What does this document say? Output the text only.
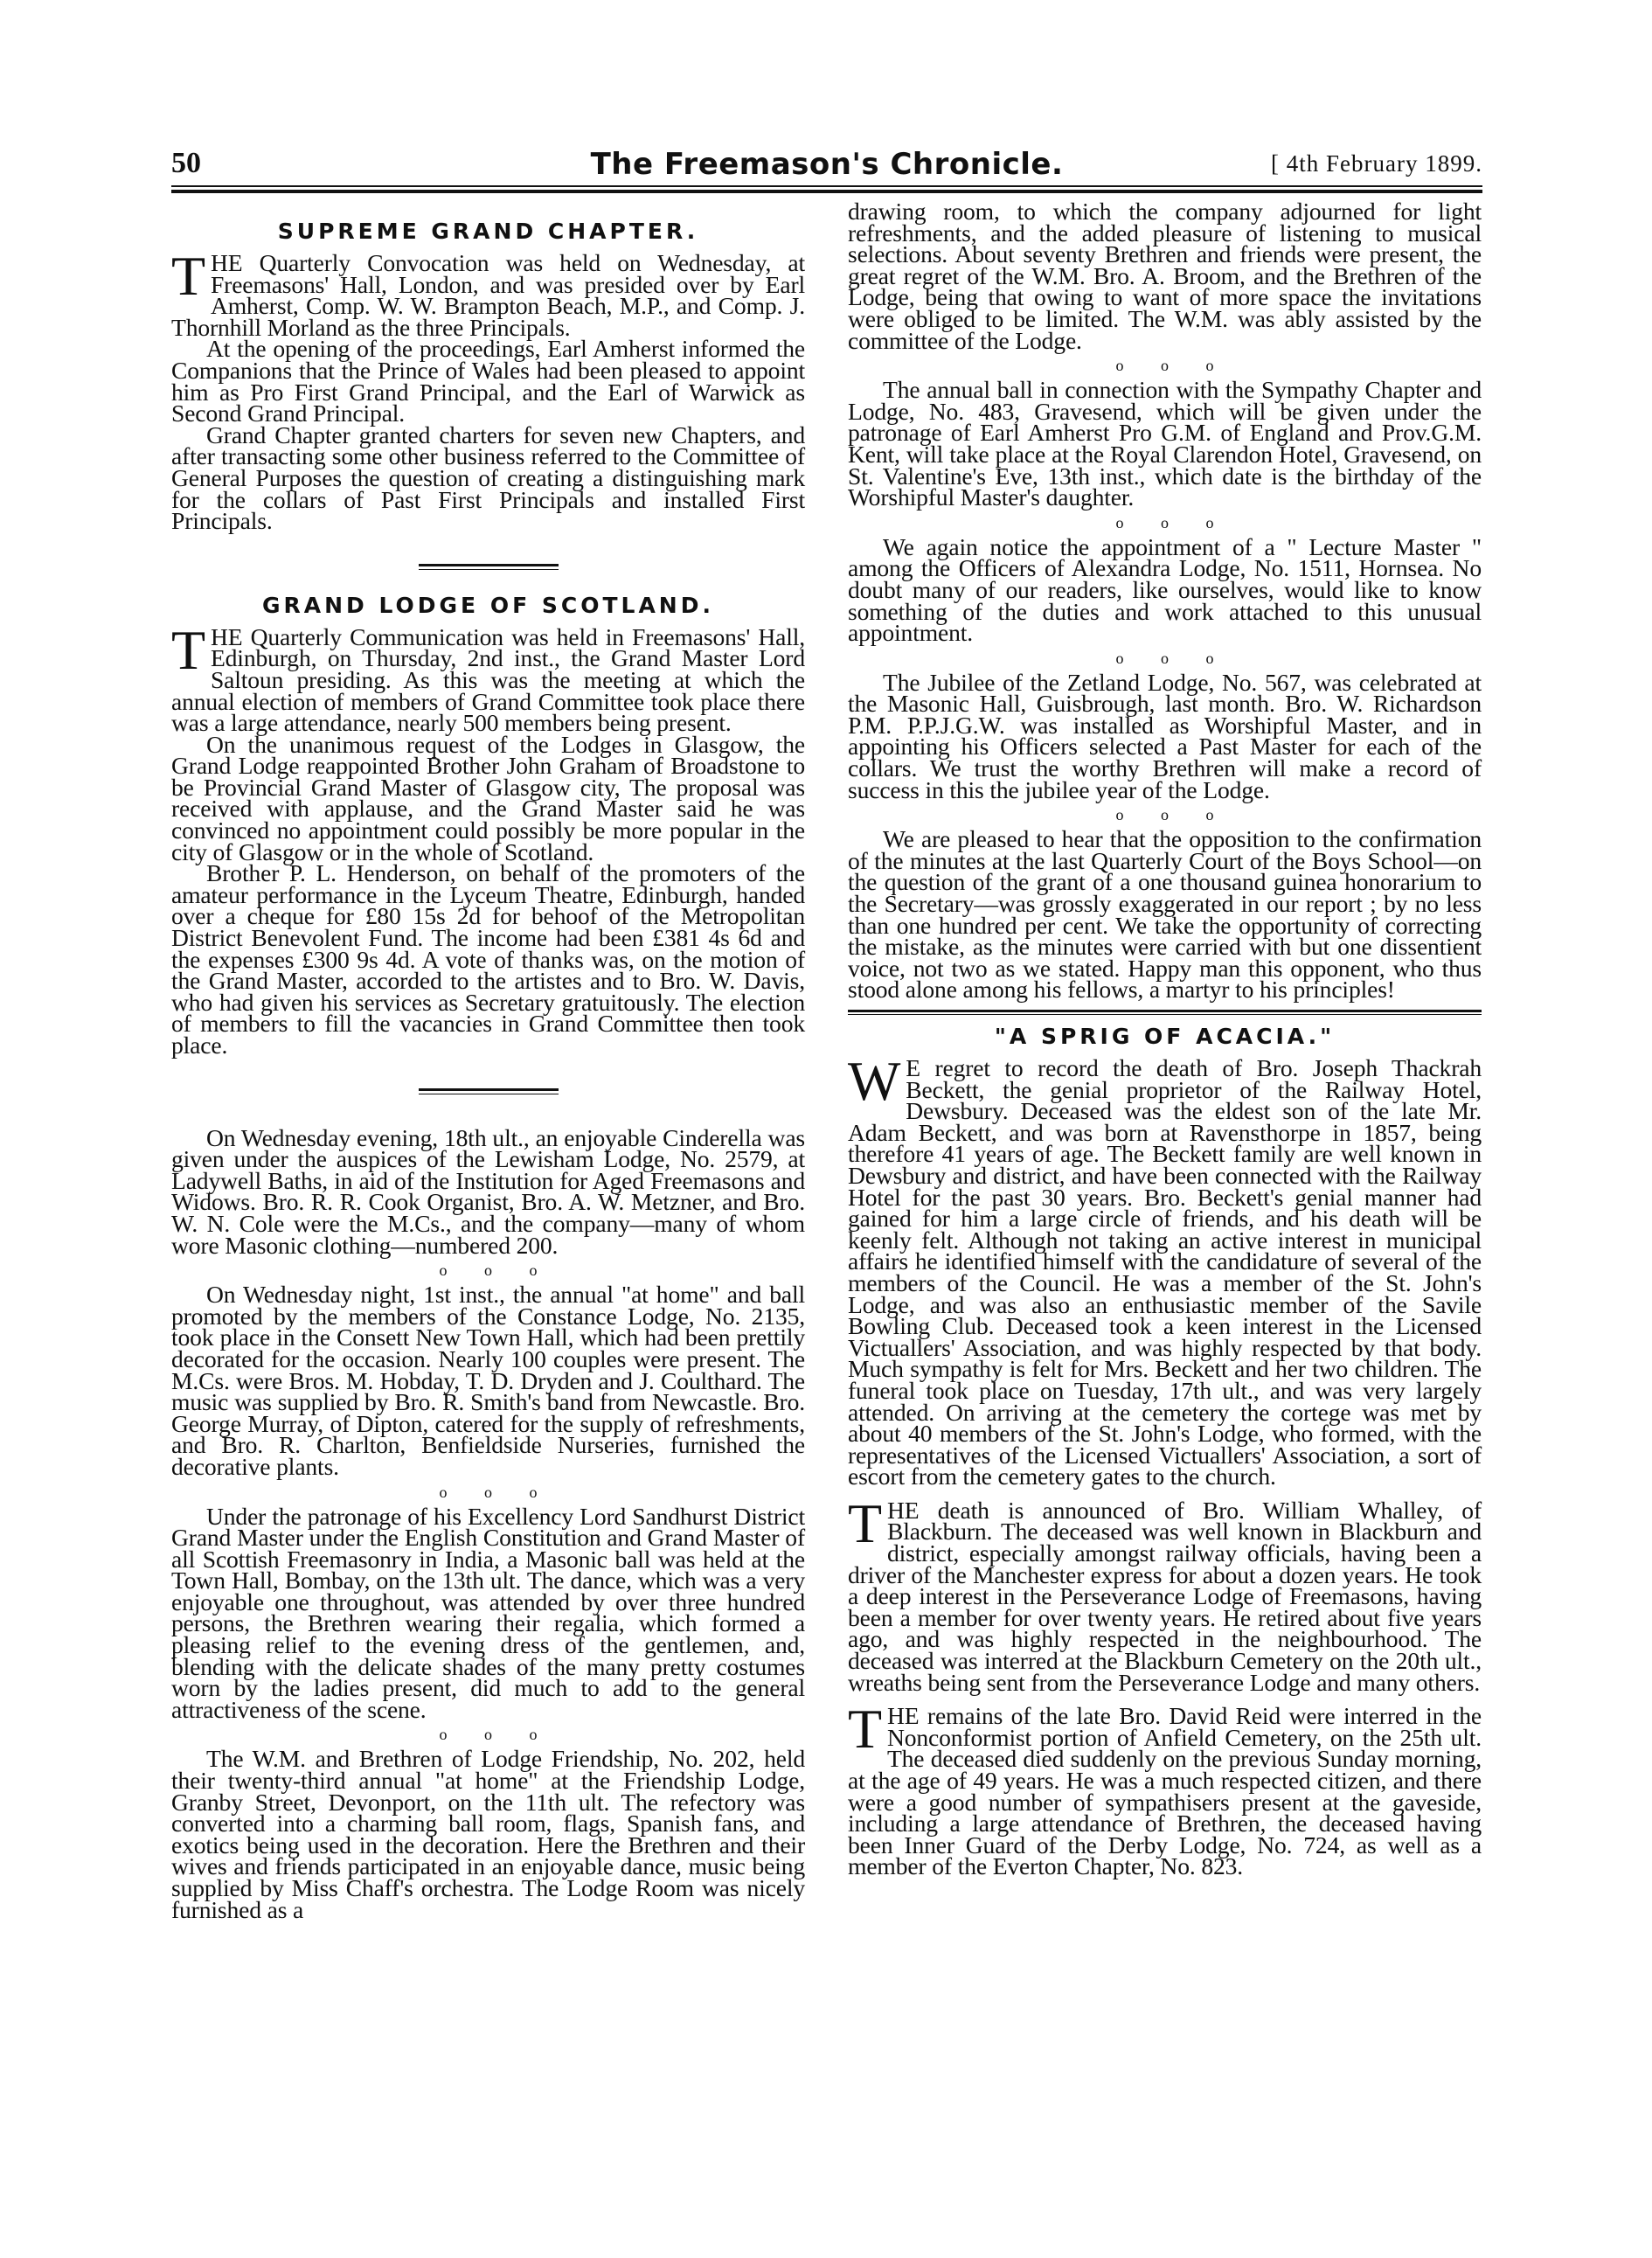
50	The Freemason's Chronicle.	[ 4th February 1899.
SUPREME GRAND CHAPTER.

THE Quarterly Convocation was held on Wednesday, at Freemasons' Hall, London, and was presided over by Earl Amherst, Comp. W. W. Brampton Beach, M.P., and Comp. J. Thornhill Morland as the three Principals.

At the opening of the proceedings, Earl Amherst informed the Companions that the Prince of Wales had been pleased to appoint him as Pro First Grand Principal, and the Earl of Warwick as Second Grand Principal.

Grand Chapter granted charters for seven new Chapters, and after transacting some other business referred to the Committee of General Purposes the question of creating a distinguishing mark for the collars of Past First Principals and installed First Principals.

GRAND LODGE OF SCOTLAND.

THE Quarterly Communication was held in Freemasons' Hall, Edinburgh, on Thursday, 2nd inst., the Grand Master Lord Saltoun presiding. As this was the meeting at which the annual election of members of Grand Committee took place there was a large attendance, nearly 500 members being present.

On the unanimous request of the Lodges in Glasgow, the Grand Lodge reappointed Brother John Graham of Broadstone to be Provincial Grand Master of Glasgow city, The proposal was received with applause, and the Grand Master said he was convinced no appointment could possibly be more popular in the city of Glasgow or in the whole of Scotland.

Brother P. L. Henderson, on behalf of the promoters of the amateur performance in the Lyceum Theatre, Edinburgh, handed over a cheque for £80 15s 2d for behoof of the Metropolitan District Benevolent Fund. The income had been £381 4s 6d and the expenses £300 9s 4d. A vote of thanks was, on the motion of the Grand Master, accorded to the artistes and to Bro. W. Davis, who had given his services as Secretary gratuitously. The election of members to fill the vacancies in Grand Committee then took place.

On Wednesday evening, 18th ult., an enjoyable Cinderella was given under the auspices of the Lewisham Lodge, No. 2579, at Ladywell Baths, in aid of the Institution for Aged Freemasons and Widows. Bro. R. R. Cook Organist, Bro. A. W. Metzner, and Bro. W. N. Cole were the M.Cs., and the company—many of whom wore Masonic clothing—numbered 200.

o o o

On Wednesday night, 1st inst., the annual "at home" and ball promoted by the members of the Constance Lodge, No. 2135, took place in the Consett New Town Hall, which had been prettily decorated for the occasion. Nearly 100 couples were present. The M.Cs. were Bros. M. Hobday, T. D. Dryden and J. Coulthard. The music was supplied by Bro. R. Smith's band from Newcastle. Bro. George Murray, of Dipton, catered for the supply of refreshments, and Bro. R. Charlton, Benfieldside Nurseries, furnished the decorative plants.

o o o

Under the patronage of his Excellency Lord Sandhurst District Grand Master under the English Constitution and Grand Master of all Scottish Freemasonry in India, a Masonic ball was held at the Town Hall, Bombay, on the 13th ult. The dance, which was a very enjoyable one throughout, was attended by over three hundred persons, the Brethren wearing their regalia, which formed a pleasing relief to the evening dress of the gentlemen, and, blending with the delicate shades of the many pretty costumes worn by the ladies present, did much to add to the general attractiveness of the scene.

o o o

The W.M. and Brethren of Lodge Friendship, No. 202, held their twenty-third annual "at home" at the Friendship Lodge, Granby Street, Devonport, on the 11th ult. The refectory was converted into a charming ball room, flags, Spanish fans, and exotics being used in the decoration. Here the Brethren and their wives and friends participated in an enjoyable dance, music being supplied by Miss Chaff's orchestra. The Lodge Room was nicely furnished as a

drawing room, to which the company adjourned for light refreshments, and the added pleasure of listening to musical selections. About seventy Brethren and friends were present, the great regret of the W.M. Bro. A. Broom, and the Brethren of the Lodge, being that owing to want of more space the invitations were obliged to be limited. The W.M. was ably assisted by the committee of the Lodge.

o o o

The annual ball in connection with the Sympathy Chapter and Lodge, No. 483, Gravesend, which will be given under the patronage of Earl Amherst Pro G.M. of England and Prov.G.M. Kent, will take place at the Royal Clarendon Hotel, Gravesend, on St. Valentine's Eve, 13th inst., which date is the birthday of the Worshipful Master's daughter.

o o o

We again notice the appointment of a " Lecture Master " among the Officers of Alexandra Lodge, No. 1511, Hornsea. No doubt many of our readers, like ourselves, would like to know something of the duties and work attached to this unusual appointment.

o o o

The Jubilee of the Zetland Lodge, No. 567, was celebrated at the Masonic Hall, Guisbrough, last month. Bro. W. Richardson P.M. P.P.J.G.W. was installed as Worshipful Master, and in appointing his Officers selected a Past Master for each of the collars. We trust the worthy Brethren will make a record of success in this the jubilee year of the Lodge.

o o o

We are pleased to hear that the opposition to the confirmation of the minutes at the last Quarterly Court of the Boys School—on the question of the grant of a one thousand guinea honorarium to the Secretary—was grossly exaggerated in our report ; by no less than one hundred per cent. We take the opportunity of correcting the mistake, as the minutes were carried with but one dissentient voice, not two as we stated. Happy man this opponent, who thus stood alone among his fellows, a martyr to his principles!

"A SPRIG OF ACACIA."

W E regret to record the death of Bro. Joseph Thackrah Beckett, the genial proprietor of the Railway Hotel, Dewsbury. Deceased was the eldest son of the late Mr. Adam Beckett, and was born at Ravensthorpe in 1857, being therefore 41 years of age. The Beckett family are well known in Dewsbury and district, and have been connected with the Railway Hotel for the past 30 years. Bro. Beckett's genial manner had gained for him a large circle of friends, and his death will be keenly felt. Although not taking an active interest in municipal affairs he identified himself with the candidature of several of the members of the Council. He was a member of the St. John's Lodge, and was also an enthusiastic member of the Savile Bowling Club. Deceased took a keen interest in the Licensed Victuallers' Association, and was highly respected by that body. Much sympathy is felt for Mrs. Beckett and her two children. The funeral took place on Tuesday, 17th ult., and was very largely attended. On arriving at the cemetery the cortege was met by about 40 members of the St. John's Lodge, who formed, with the representatives of the Licensed Victuallers' Association, a sort of escort from the cemetery gates to the church.

THE death is announced of Bro. William Whalley, of Blackburn. The deceased was well known in Blackburn and district, especially amongst railway officials, having been a driver of the Manchester express for about a dozen years. He took a deep interest in the Perseverance Lodge of Freemasons, having been a member for over twenty years. He retired about five years ago, and was highly respected in the neighbourhood. The deceased was interred at the Blackburn Cemetery on the 20th ult., wreaths being sent from the Perseverance Lodge and many others.

THE remains of the late Bro. David Reid were interred in the Nonconformist portion of Anfield Cemetery, on the 25th ult. The deceased died suddenly on the previous Sunday morning, at the age of 49 years. He was a much respected citizen, and there were a good number of sympathisers present at the gaveside, including a large attendance of Brethren, the deceased having been Inner Guard of the Derby Lodge, No. 724, as well as a member of the Everton Chapter, No. 823.
